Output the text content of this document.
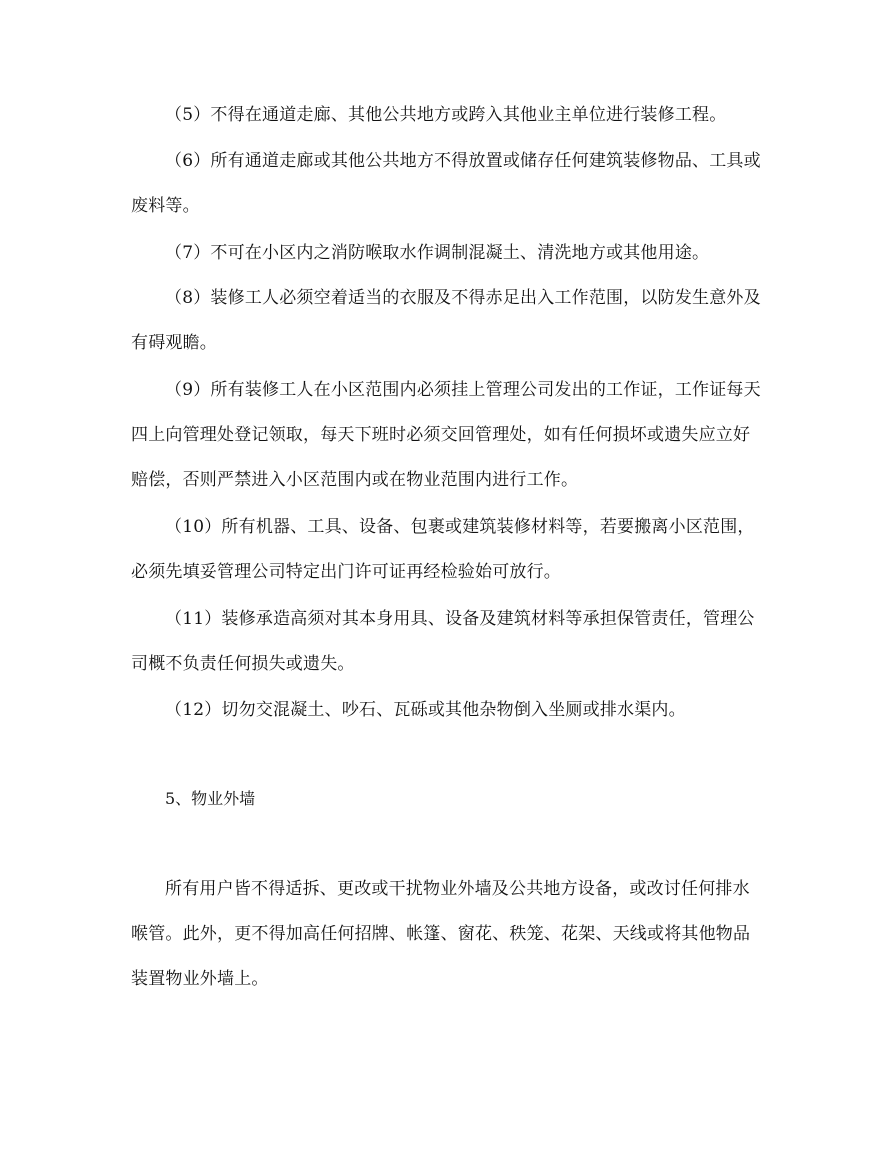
（5）不得在通道走廊、其他公共地方或跨入其他业主单位进行装修工程。

（6）所有通道走廊或其他公共地方不得放置或储存任何建筑装修物品、工具或
废料等。

（7）不可在小区内之消防喉取水作调制混凝土、清洗地方或其他用途。

（8）装修工人必须空着适当的衣服及不得赤足出入工作范围，以防发生意外及
有碍观瞻。

（9）所有装修工人在小区范围内必须挂上管理公司发出的工作证，工作证每天
四上向管理处登记领取，每天下班时必须交回管理处，如有任何损坏或遗失应立好
赔偿，否则严禁进入小区范围内或在物业范围内进行工作。

（10）所有机器、工具、设备、包裹或建筑装修材料等，若要搬离小区范围，
必须先填妥管理公司特定出门许可证再经检验始可放行。

（11）装修承造高须对其本身用具、设备及建筑材料等承担保管责任，管理公
司概不负责任何损失或遗失。

（12）切勿交混凝土、吵石、瓦砾或其他杂物倒入坐厕或排水渠内。

5、物业外墙

所有用户皆不得适拆、更改或干扰物业外墙及公共地方设备，或改讨任何排水
喉管。此外，更不得加高任何招牌、帐篷、窗花、秩笼、花架、天线或将其他物品
装置物业外墙上。
